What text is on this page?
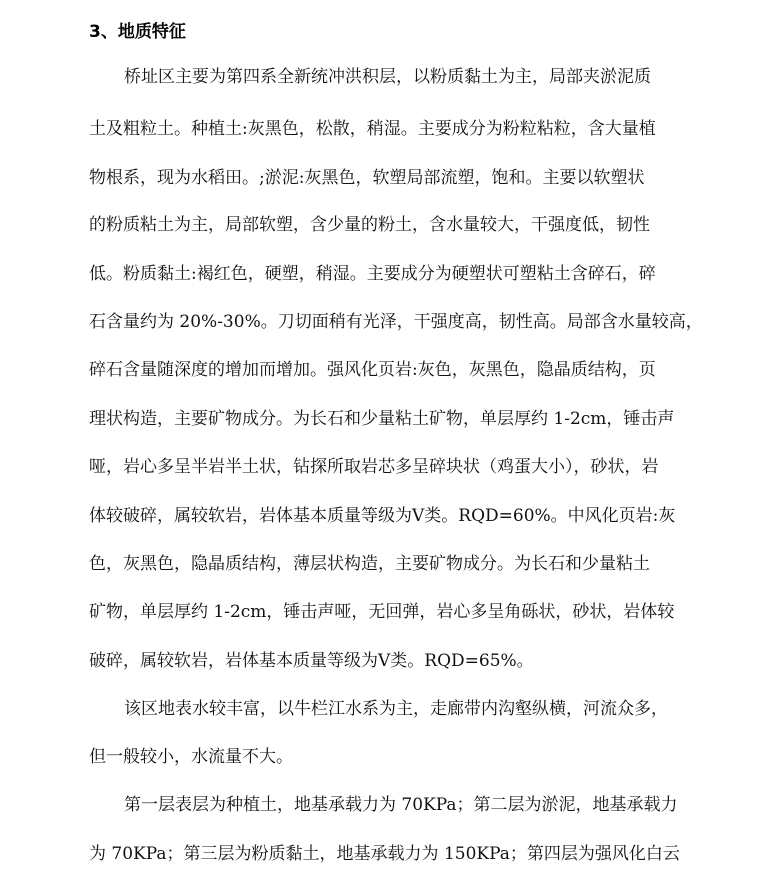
3、地质特征
桥址区主要为第四系全新统冲洪积层，以粉质黏土为主，局部夹淤泥质
土及粗粒土。种植土:灰黑色，松散，稍湿。主要成分为粉粒粘粒，含大量植
物根系，现为水稻田。;淤泥:灰黑色，软塑局部流塑，饱和。主要以软塑状
的粉质粘土为主，局部软塑，含少量的粉土，含水量较大，干强度低，韧性
低。粉质黏土:褐红色，硬塑，稍湿。主要成分为硬塑状可塑粘土含碎石，碎
石含量约为 20%-30%。刀切面稍有光泽，干强度高，韧性高。局部含水量较高，
碎石含量随深度的增加而增加。强风化页岩:灰色，灰黑色，隐晶质结构，页
理状构造，主要矿物成分。为长石和少量粘土矿物，单层厚约 1-2cm，锤击声
哑，岩心多呈半岩半土状，钻探所取岩芯多呈碎块状（鸡蛋大小），砂状，岩
体较破碎，属较软岩，岩体基本质量等级为Ⅴ类。RQD=60%。中风化页岩:灰
色，灰黑色，隐晶质结构，薄层状构造，主要矿物成分。为长石和少量粘土
矿物，单层厚约 1-2cm，锤击声哑，无回弹，岩心多呈角砾状，砂状，岩体较
破碎，属较软岩，岩体基本质量等级为Ⅴ类。RQD=65%。
该区地表水较丰富，以牛栏江水系为主，走廊带内沟壑纵横，河流众多，
但一般较小，水流量不大。
第一层表层为种植土，地基承载力为 70KPa；第二层为淤泥，地基承载力
为 70KPa；第三层为粉质黏土，地基承载力为 150KPa；第四层为强风化白云
